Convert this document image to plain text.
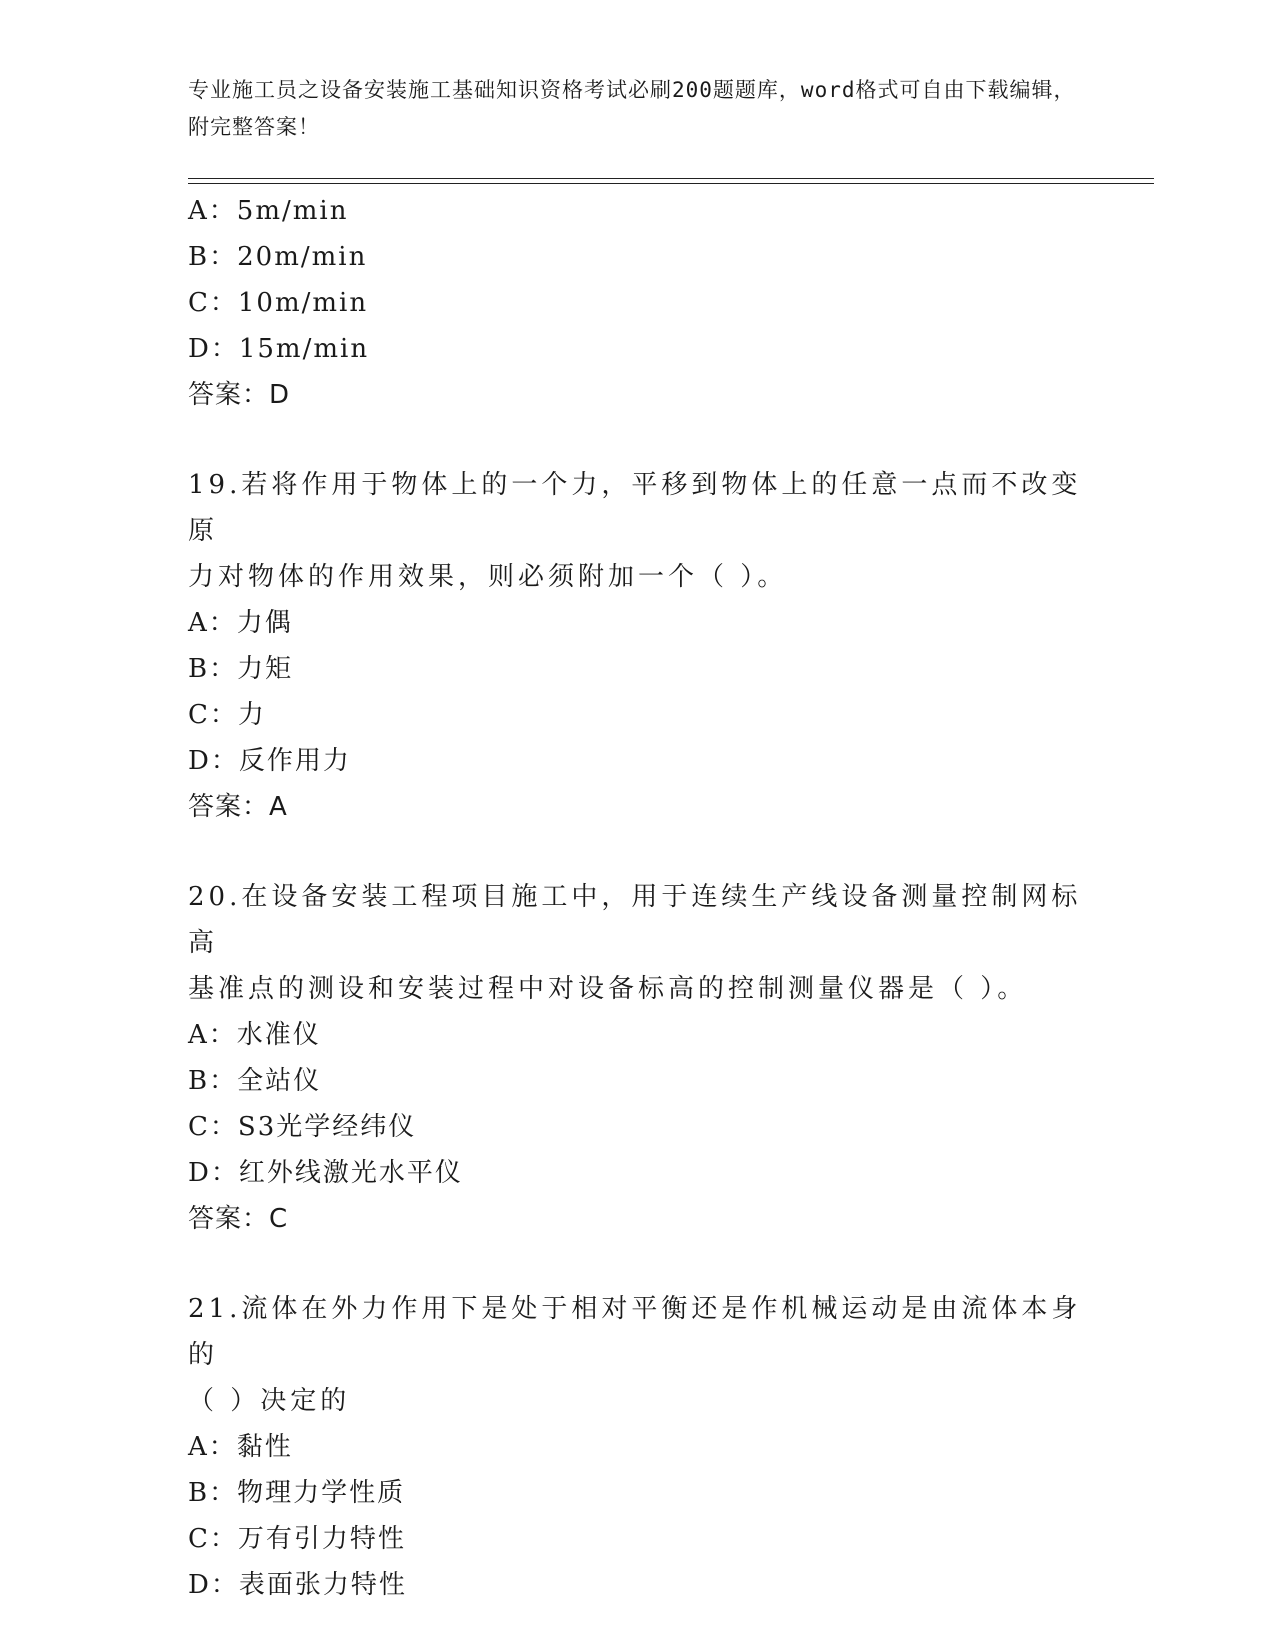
专业施工员之设备安装施工基础知识资格考试必刷200题题库，word格式可自由下载编辑，附完整答案！
A：5m/min
B：20m/min
C：10m/min
D：15m/min
答案：D
19.若将作用于物体上的一个力，平移到物体上的任意一点而不改变原
力对物体的作用效果，则必须附加一个（ ）。
A：力偶
B：力矩
C：力
D：反作用力
答案：A
20.在设备安装工程项目施工中，用于连续生产线设备测量控制网标高
基准点的测设和安装过程中对设备标高的控制测量仪器是（ ）。
A：水准仪
B：全站仪
C：S3光学经纬仪
D：红外线激光水平仪
答案：C
21.流体在外力作用下是处于相对平衡还是作机械运动是由流体本身的
（ ）决定的
A：黏性
B：物理力学性质
C：万有引力特性
D：表面张力特性
